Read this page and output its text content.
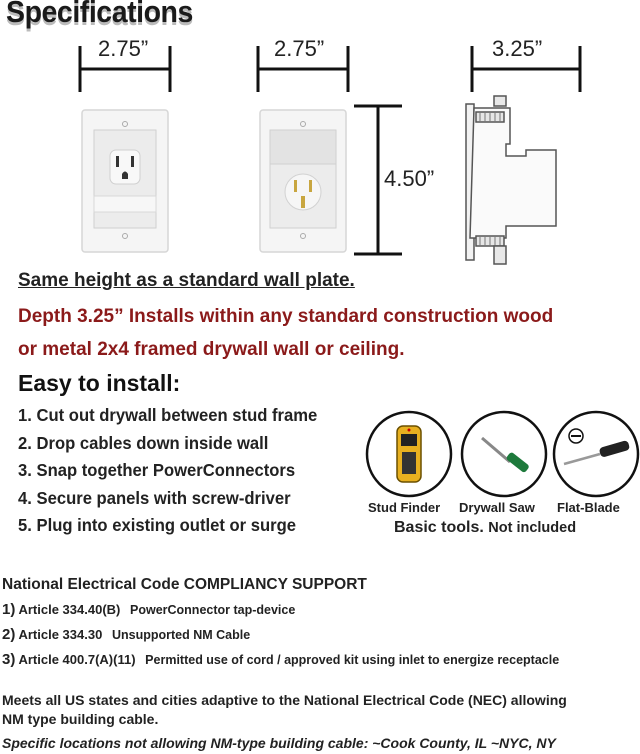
Specifications
2.75”	2.75”	3.25”
4.50”
Same height as a standard wall plate.
Depth 3.25” Installs within any standard construction wood
or metal 2x4 framed drywall wall or ceiling.
Easy to install:
1. Cut out drywall between stud frame
2. Drop cables down inside wall
3. Snap together PowerConnectors
4. Secure panels with screw-driver
5. Plug into existing outlet or surge
Stud Finder Drywall Saw Flat-Blade
Basic tools. Not included
National Electrical Code COMPLIANCY SUPPORT
1) Article 334.40(B) PowerConnector tap-device
2) Article 334.30 Unsupported NM Cable
3) Article 400.7(A)(11) Permitted use of cord / approved kit using inlet to energize receptacle
Meets all US states and cities adaptive to the National Electrical Code (NEC) allowing
NM type building cable.
Specific locations not allowing NM-type building cable: ~Cook County, IL ~NYC, NY
